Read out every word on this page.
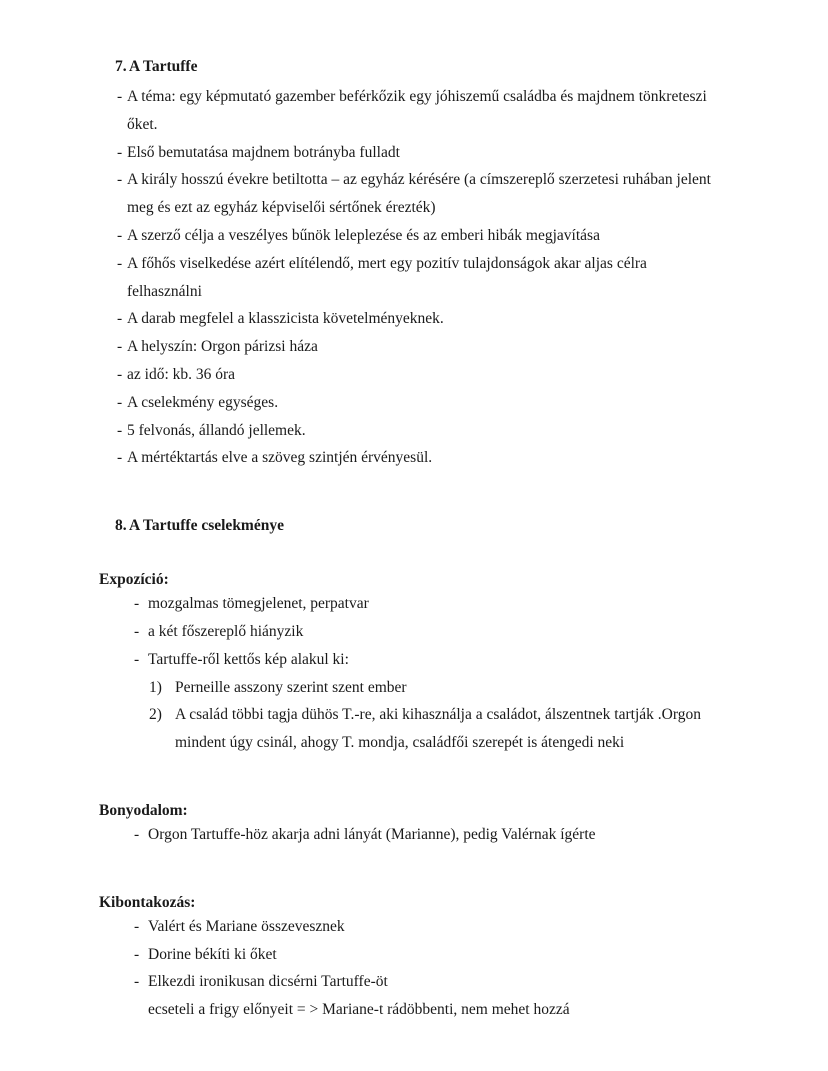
7. A Tartuffe
- A téma: egy képmutató gazember beférkőzik egy jóhiszemű családba és majdnem tönkreteszi őket.
- Első bemutatása majdnem botrányba fulladt
- A király hosszú évekre betiltotta – az egyház kérésére (a címszereplő szerzetesi ruhában jelent meg és ezt az egyház képviselői sértőnek érezték)
- A szerző célja a veszélyes bűnök leleplezése és az emberi hibák megjavítása
- A főhős viselkedése azért elítélendő, mert egy pozitív tulajdonságok akar aljas célra felhasználni
- A darab megfelel a klasszicista követelményeknek.
- A helyszín: Orgon párizsi háza
- az idő: kb. 36 óra
- A cselekmény egységes.
- 5 felvonás, állandó jellemek.
- A mértéktartás elve a szöveg szintjén érvényesül.
8. A Tartuffe cselekménye
Expozíció:
- mozgalmas tömegjelenet, perpatvar
- a két főszereplő hiányzik
- Tartuffe-ről kettős kép alakul ki:
1) Perneille asszony szerint szent ember
2) A család többi tagja dühös T.-re, aki kihasználja a családot, álszentnek tartják .Orgon mindent úgy csinál, ahogy T. mondja, családfői szerepét is átengedi neki
Bonyodalom:
- Orgon Tartuffe-höz akarja adni lányát (Marianne), pedig Valérnak ígérte
Kibontakozás:
- Valért és Mariane összevesznek
- Dorine békíti ki őket
- Elkezdi ironikusan dicsérni Tartuffe-öt
ecseteli a frigy előnyeit = > Mariane-t rádöbbenti, nem mehet hozzá
